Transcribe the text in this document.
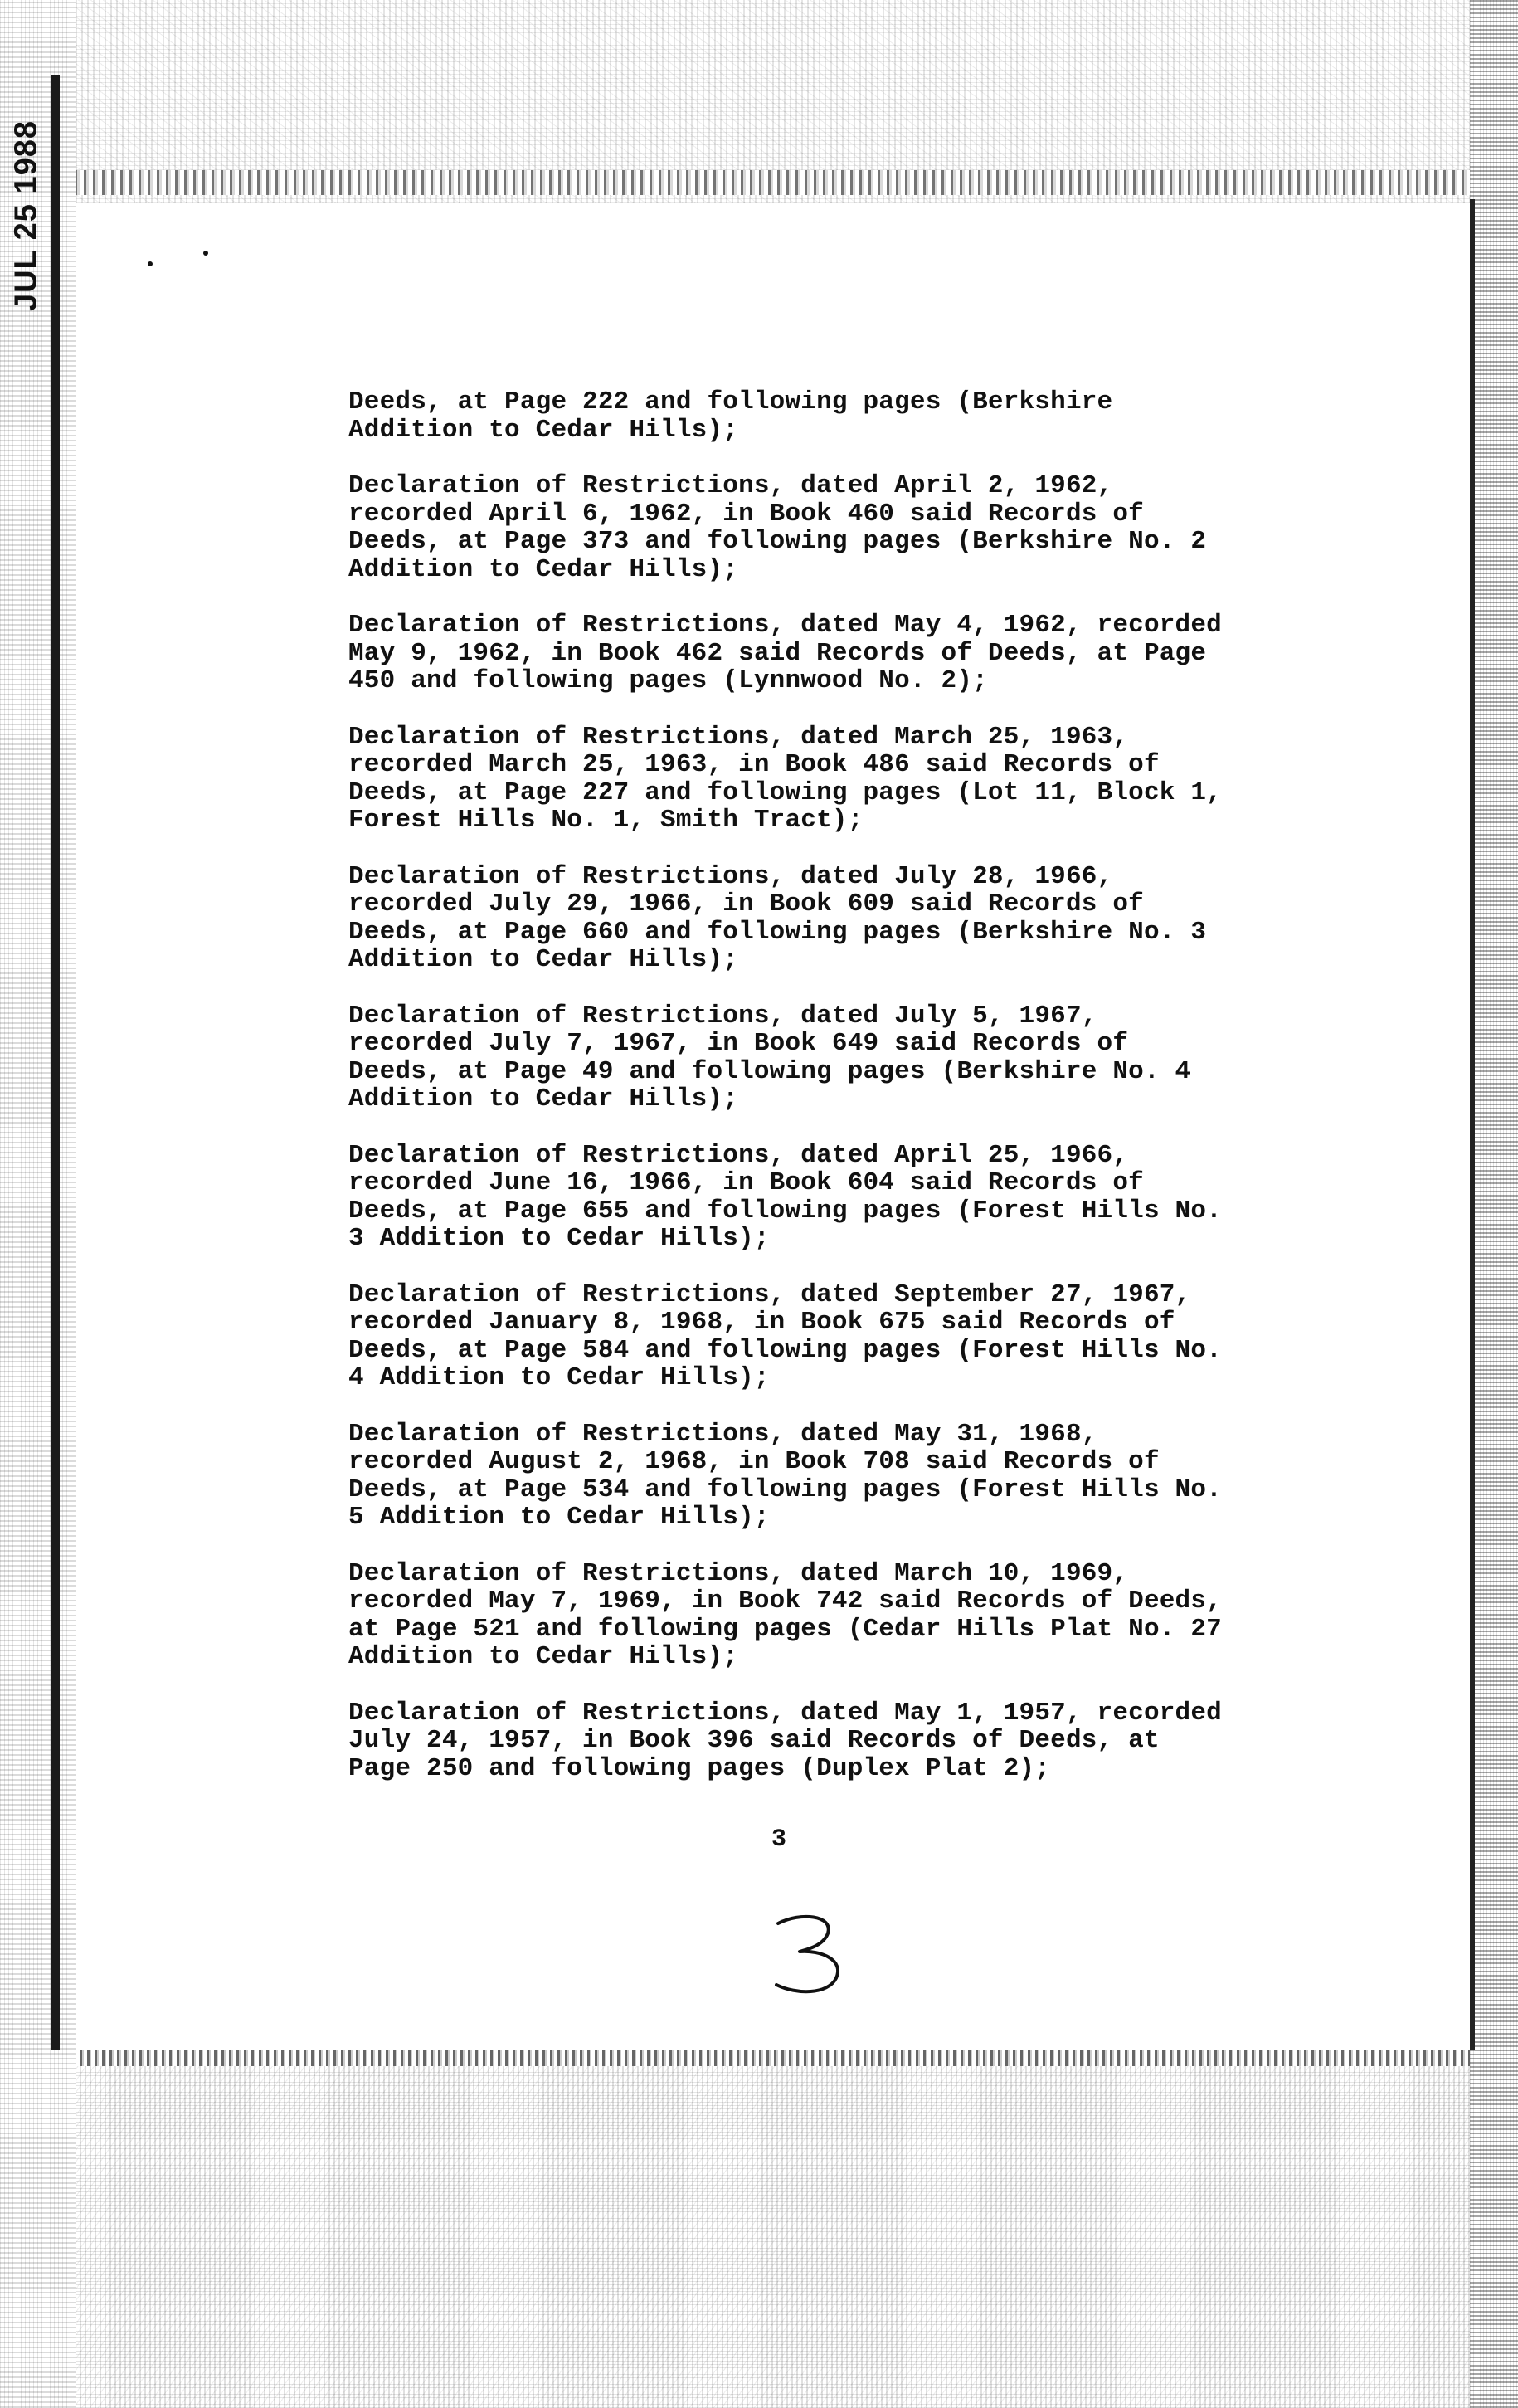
JUL 25 1988
Deeds, at Page 222 and following pages (Berkshire
Addition to Cedar Hills);
Declaration of Restrictions, dated April 2, 1962,
recorded April 6, 1962, in Book 460 said Records of
Deeds, at Page 373 and following pages (Berkshire No. 2
Addition to Cedar Hills);
Declaration of Restrictions, dated May 4, 1962, recorded
May 9, 1962, in Book 462 said Records of Deeds, at Page
450 and following pages (Lynnwood No. 2);
Declaration of Restrictions, dated March 25, 1963,
recorded March 25, 1963, in Book 486 said Records of
Deeds, at Page 227 and following pages (Lot 11, Block 1,
Forest Hills No. 1, Smith Tract);
Declaration of Restrictions, dated July 28, 1966,
recorded July 29, 1966, in Book 609 said Records of
Deeds, at Page 660 and following pages (Berkshire No. 3
Addition to Cedar Hills);
Declaration of Restrictions, dated July 5, 1967,
recorded July 7, 1967, in Book 649 said Records of
Deeds, at Page 49 and following pages (Berkshire No. 4
Addition to Cedar Hills);
Declaration of Restrictions, dated April 25, 1966,
recorded June 16, 1966, in Book 604 said Records of
Deeds, at Page 655 and following pages (Forest Hills No.
3 Addition to Cedar Hills);
Declaration of Restrictions, dated September 27, 1967,
recorded January 8, 1968, in Book 675 said Records of
Deeds, at Page 584 and following pages (Forest Hills No.
4 Addition to Cedar Hills);
Declaration of Restrictions, dated May 31, 1968,
recorded August 2, 1968, in Book 708 said Records of
Deeds, at Page 534 and following pages (Forest Hills No.
5 Addition to Cedar Hills);
Declaration of Restrictions, dated March 10, 1969,
recorded May 7, 1969, in Book 742 said Records of Deeds,
at Page 521 and following pages (Cedar Hills Plat No. 27
Addition to Cedar Hills);
Declaration of Restrictions, dated May 1, 1957, recorded
July 24, 1957, in Book 396 said Records of Deeds, at
Page 250 and following pages (Duplex Plat 2);
3
